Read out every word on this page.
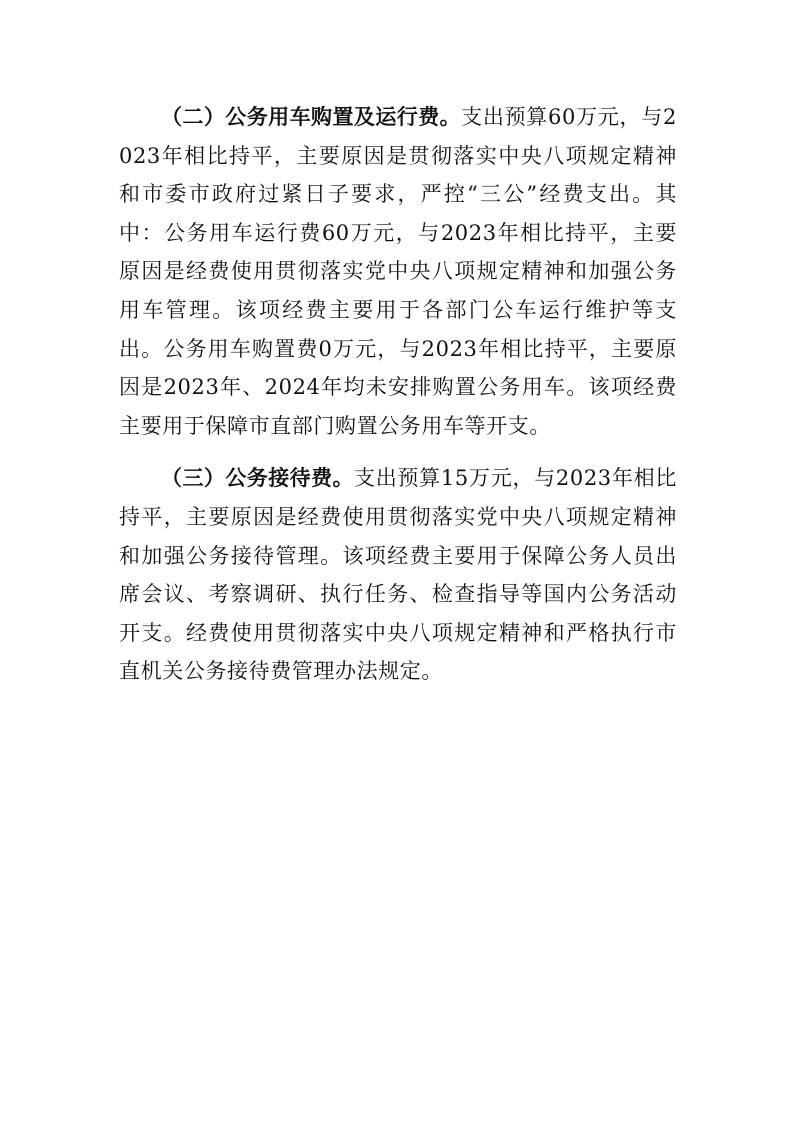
（二）公务用车购置及运行费。支出预算60万元，与2023年相比持平，主要原因是贯彻落实中央八项规定精神和市委市政府过紧日子要求，严控“三公”经费支出。其中：公务用车运行费60万元，与2023年相比持平，主要原因是经费使用贯彻落实党中央八项规定精神和加强公务用车管理。该项经费主要用于各部门公车运行维护等支出。公务用车购置费0万元，与2023年相比持平，主要原因是2023年、2024年均未安排购置公务用车。该项经费主要用于保障市直部门购置公务用车等开支。

（三）公务接待费。支出预算15万元，与2023年相比持平，主要原因是经费使用贯彻落实党中央八项规定精神和加强公务接待管理。该项经费主要用于保障公务人员出席会议、考察调研、执行任务、检查指导等国内公务活动开支。经费使用贯彻落实中央八项规定精神和严格执行市直机关公务接待费管理办法规定。
